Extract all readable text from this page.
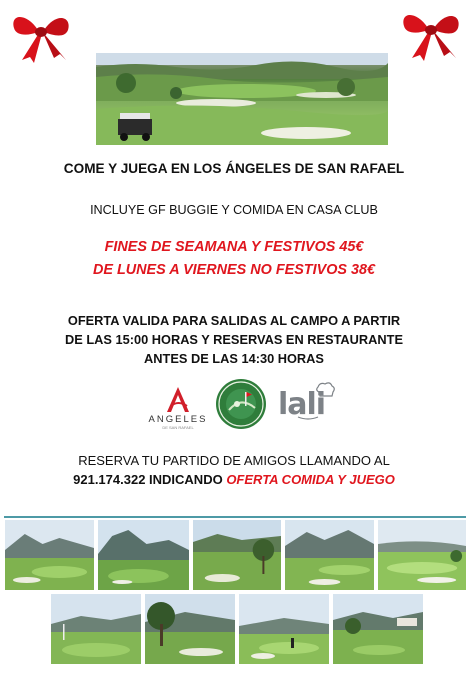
COME Y JUEGA EN LOS ÁNGELES DE SAN RAFAEL
INCLUYE GF BUGGIE Y COMIDA EN CASA CLUB
FINES DE SEAMANA Y FESTIVOS 45€
DE LUNES A VIERNES NO FESTIVOS 38€
OFERTA VALIDA PARA SALIDAS AL CAMPO A PARTIR
DE LAS 15:00 HORAS Y RESERVAS EN RESTAURANTE
ANTES DE LAS 14:30 HORAS
ANGELES
DE SAN RAFAEL
lali
RESERVA TU PARTIDO DE AMIGOS LLAMANDO AL
921.174.322 INDICANDO OFERTA COMIDA Y JUEGO
